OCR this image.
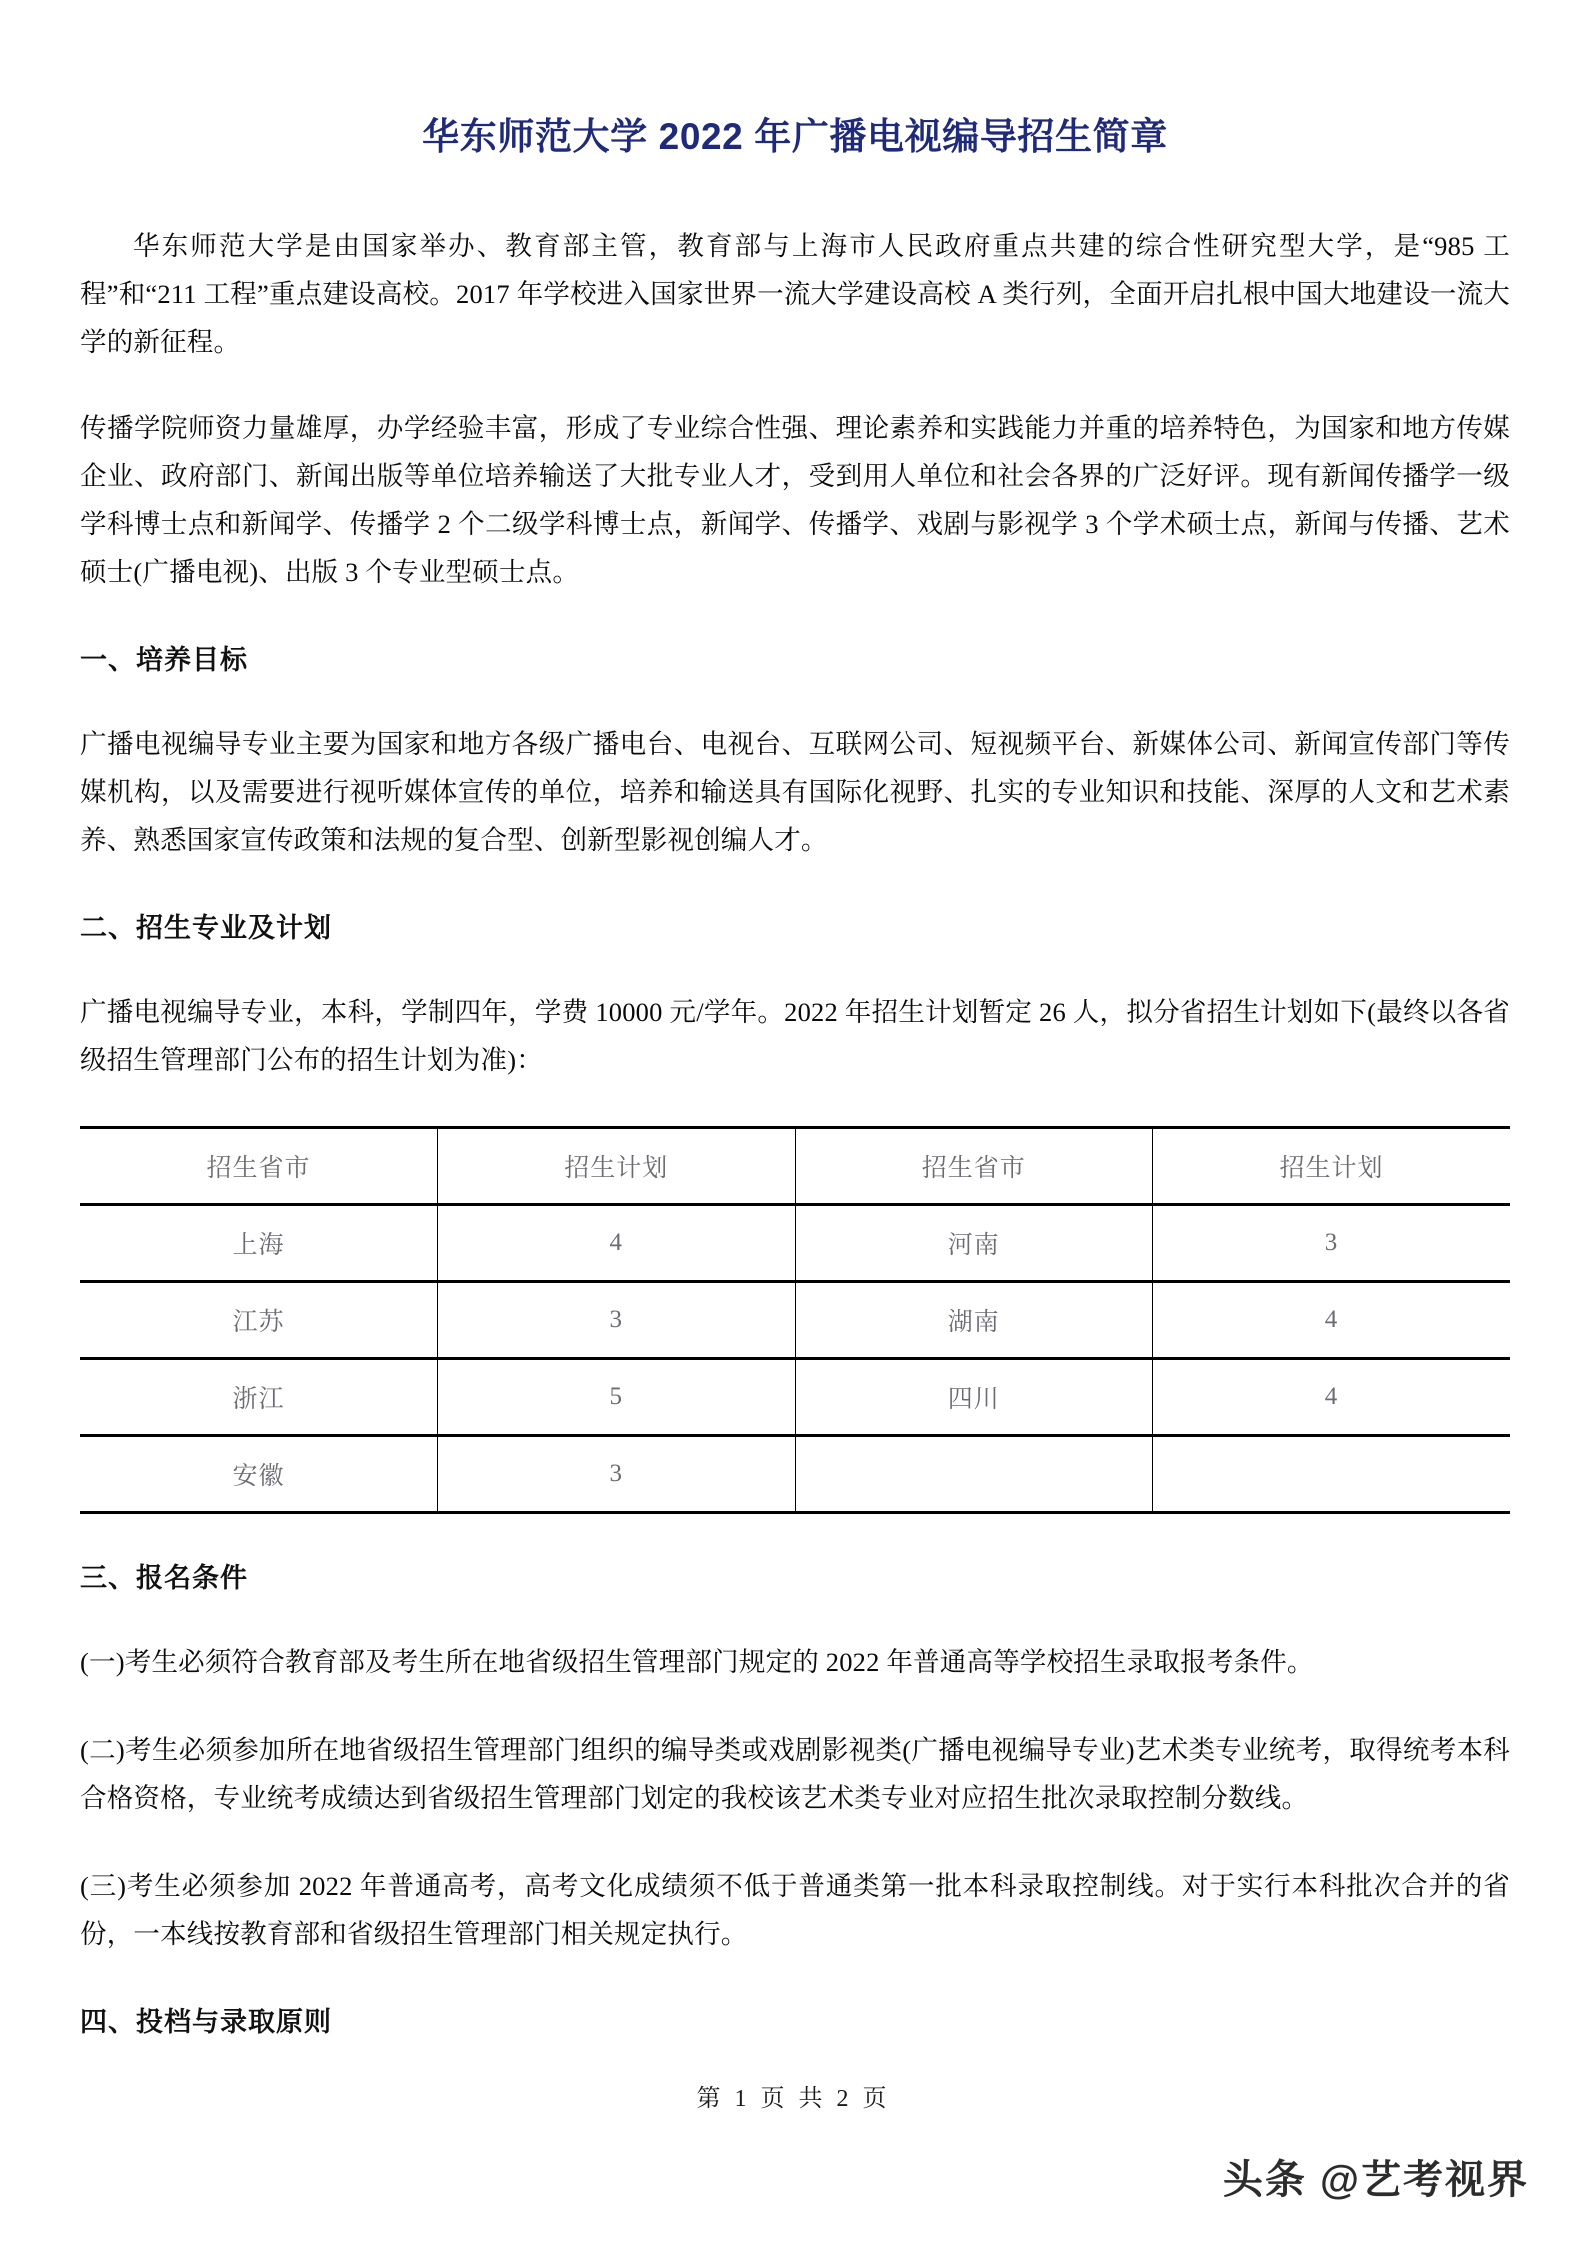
华东师范大学 2022 年广播电视编导招生简章

华东师范大学是由国家举办、教育部主管，教育部与上海市人民政府重点共建的综合性研究型大学，是“985 工程”和“211 工程”重点建设高校。2017 年学校进入国家世界一流大学建设高校 A 类行列，全面开启扎根中国大地建设一流大学的新征程。

传播学院师资力量雄厚，办学经验丰富，形成了专业综合性强、理论素养和实践能力并重的培养特色，为国家和地方传媒企业、政府部门、新闻出版等单位培养输送了大批专业人才，受到用人单位和社会各界的广泛好评。现有新闻传播学一级学科博士点和新闻学、传播学 2 个二级学科博士点，新闻学、传播学、戏剧与影视学 3 个学术硕士点，新闻与传播、艺术硕士(广播电视)、出版 3 个专业型硕士点。

一、培养目标

广播电视编导专业主要为国家和地方各级广播电台、电视台、互联网公司、短视频平台、新媒体公司、新闻宣传部门等传媒机构，以及需要进行视听媒体宣传的单位，培养和输送具有国际化视野、扎实的专业知识和技能、深厚的人文和艺术素养、熟悉国家宣传政策和法规的复合型、创新型影视创编人才。

二、招生专业及计划

广播电视编导专业，本科，学制四年，学费 10000 元/学年。2022 年招生计划暂定 26 人，拟分省招生计划如下(最终以各省级招生管理部门公布的招生计划为准)：

招生省市	招生计划	招生省市	招生计划
上海	4	河南	3
江苏	3	湖南	4
浙江	5	四川	4
安徽	3		
三、报名条件

(一)考生必须符合教育部及考生所在地省级招生管理部门规定的 2022 年普通高等学校招生录取报考条件。

(二)考生必须参加所在地省级招生管理部门组织的编导类或戏剧影视类(广播电视编导专业)艺术类专业统考，取得统考本科合格资格，专业统考成绩达到省级招生管理部门划定的我校该艺术类专业对应招生批次录取控制分数线。

(三)考生必须参加 2022 年普通高考，高考文化成绩须不低于普通类第一批本科录取控制线。对于实行本科批次合并的省份，一本线按教育部和省级招生管理部门相关规定执行。

四、投档与录取原则
第 1 页 共 2 页
头条 @艺考视界
